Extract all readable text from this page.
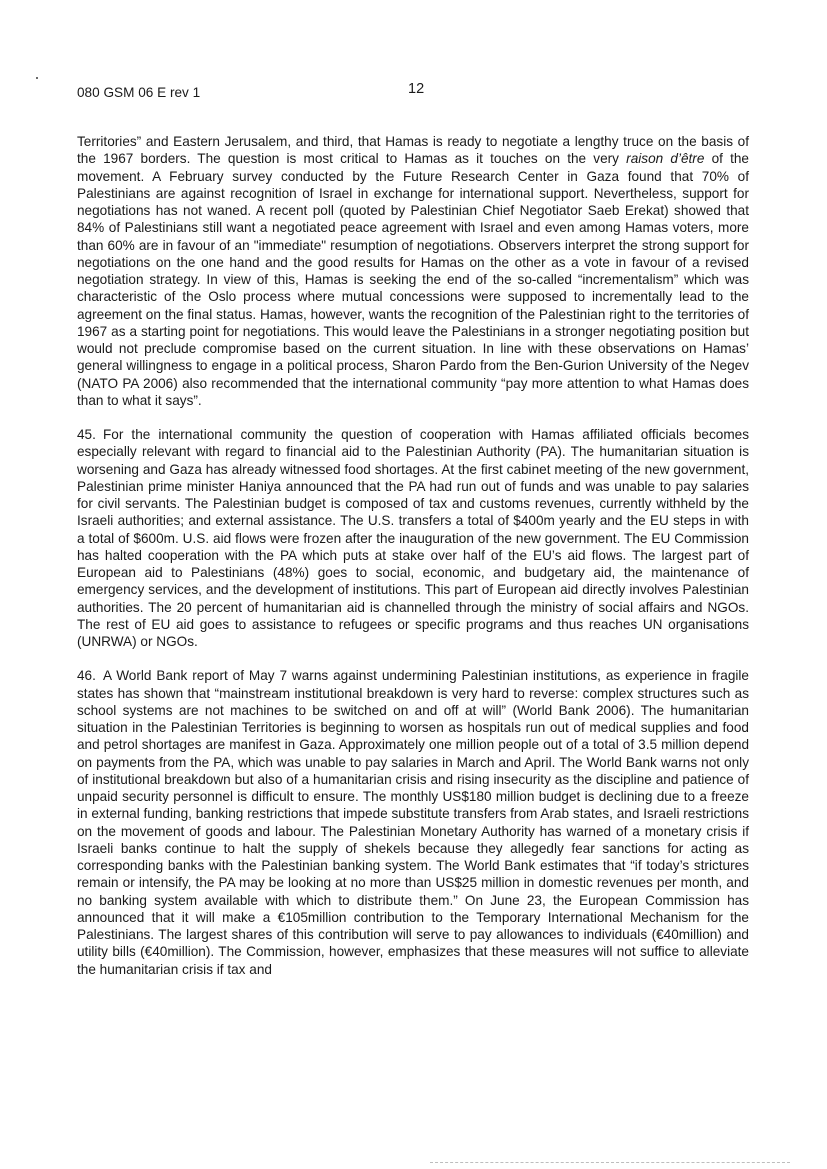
080 GSM 06 E rev 1	12

Territories” and Eastern Jerusalem, and third, that Hamas is ready to negotiate a lengthy truce on the basis of the 1967 borders. The question is most critical to Hamas as it touches on the very raison d’être of the movement. A February survey conducted by the Future Research Center in Gaza found that 70% of Palestinians are against recognition of Israel in exchange for international support. Nevertheless, support for negotiations has not waned. A recent poll (quoted by Palestinian Chief Negotiator Saeb Erekat) showed that 84% of Palestinians still want a negotiated peace agreement with Israel and even among Hamas voters, more than 60% are in favour of an "immediate" resumption of negotiations. Observers interpret the strong support for negotiations on the one hand and the good results for Hamas on the other as a vote in favour of a revised negotiation strategy. In view of this, Hamas is seeking the end of the so-called “incrementalism” which was characteristic of the Oslo process where mutual concessions were supposed to incrementally lead to the agreement on the final status. Hamas, however, wants the recognition of the Palestinian right to the territories of 1967 as a starting point for negotiations. This would leave the Palestinians in a stronger negotiating position but would not preclude compromise based on the current situation. In line with these observations on Hamas’ general willingness to engage in a political process, Sharon Pardo from the Ben-Gurion University of the Negev (NATO PA 2006) also recommended that the international community “pay more attention to what Hamas does than to what it says”.

45. For the international community the question of cooperation with Hamas affiliated officials becomes especially relevant with regard to financial aid to the Palestinian Authority (PA). The humanitarian situation is worsening and Gaza has already witnessed food shortages. At the first cabinet meeting of the new government, Palestinian prime minister Haniya announced that the PA had run out of funds and was unable to pay salaries for civil servants. The Palestinian budget is composed of tax and customs revenues, currently withheld by the Israeli authorities; and external assistance. The U.S. transfers a total of $400m yearly and the EU steps in with a total of $600m. U.S. aid flows were frozen after the inauguration of the new government. The EU Commission has halted cooperation with the PA which puts at stake over half of the EU’s aid flows. The largest part of European aid to Palestinians (48%) goes to social, economic, and budgetary aid, the maintenance of emergency services, and the development of institutions. This part of European aid directly involves Palestinian authorities. The 20 percent of humanitarian aid is channelled through the ministry of social affairs and NGOs. The rest of EU aid goes to assistance to refugees or specific programs and thus reaches UN organisations (UNRWA) or NGOs.

46. A World Bank report of May 7 warns against undermining Palestinian institutions, as experience in fragile states has shown that “mainstream institutional breakdown is very hard to reverse: complex structures such as school systems are not machines to be switched on and off at will” (World Bank 2006). The humanitarian situation in the Palestinian Territories is beginning to worsen as hospitals run out of medical supplies and food and petrol shortages are manifest in Gaza. Approximately one million people out of a total of 3.5 million depend on payments from the PA, which was unable to pay salaries in March and April. The World Bank warns not only of institutional breakdown but also of a humanitarian crisis and rising insecurity as the discipline and patience of unpaid security personnel is difficult to ensure. The monthly US$180 million budget is declining due to a freeze in external funding, banking restrictions that impede substitute transfers from Arab states, and Israeli restrictions on the movement of goods and labour. The Palestinian Monetary Authority has warned of a monetary crisis if Israeli banks continue to halt the supply of shekels because they allegedly fear sanctions for acting as corresponding banks with the Palestinian banking system. The World Bank estimates that “if today’s strictures remain or intensify, the PA may be looking at no more than US$25 million in domestic revenues per month, and no banking system available with which to distribute them.” On June 23, the European Commission has announced that it will make a €105million contribution to the Temporary International Mechanism for the Palestinians. The largest shares of this contribution will serve to pay allowances to individuals (€40million) and utility bills (€40million). The Commission, however, emphasizes that these measures will not suffice to alleviate the humanitarian crisis if tax and
